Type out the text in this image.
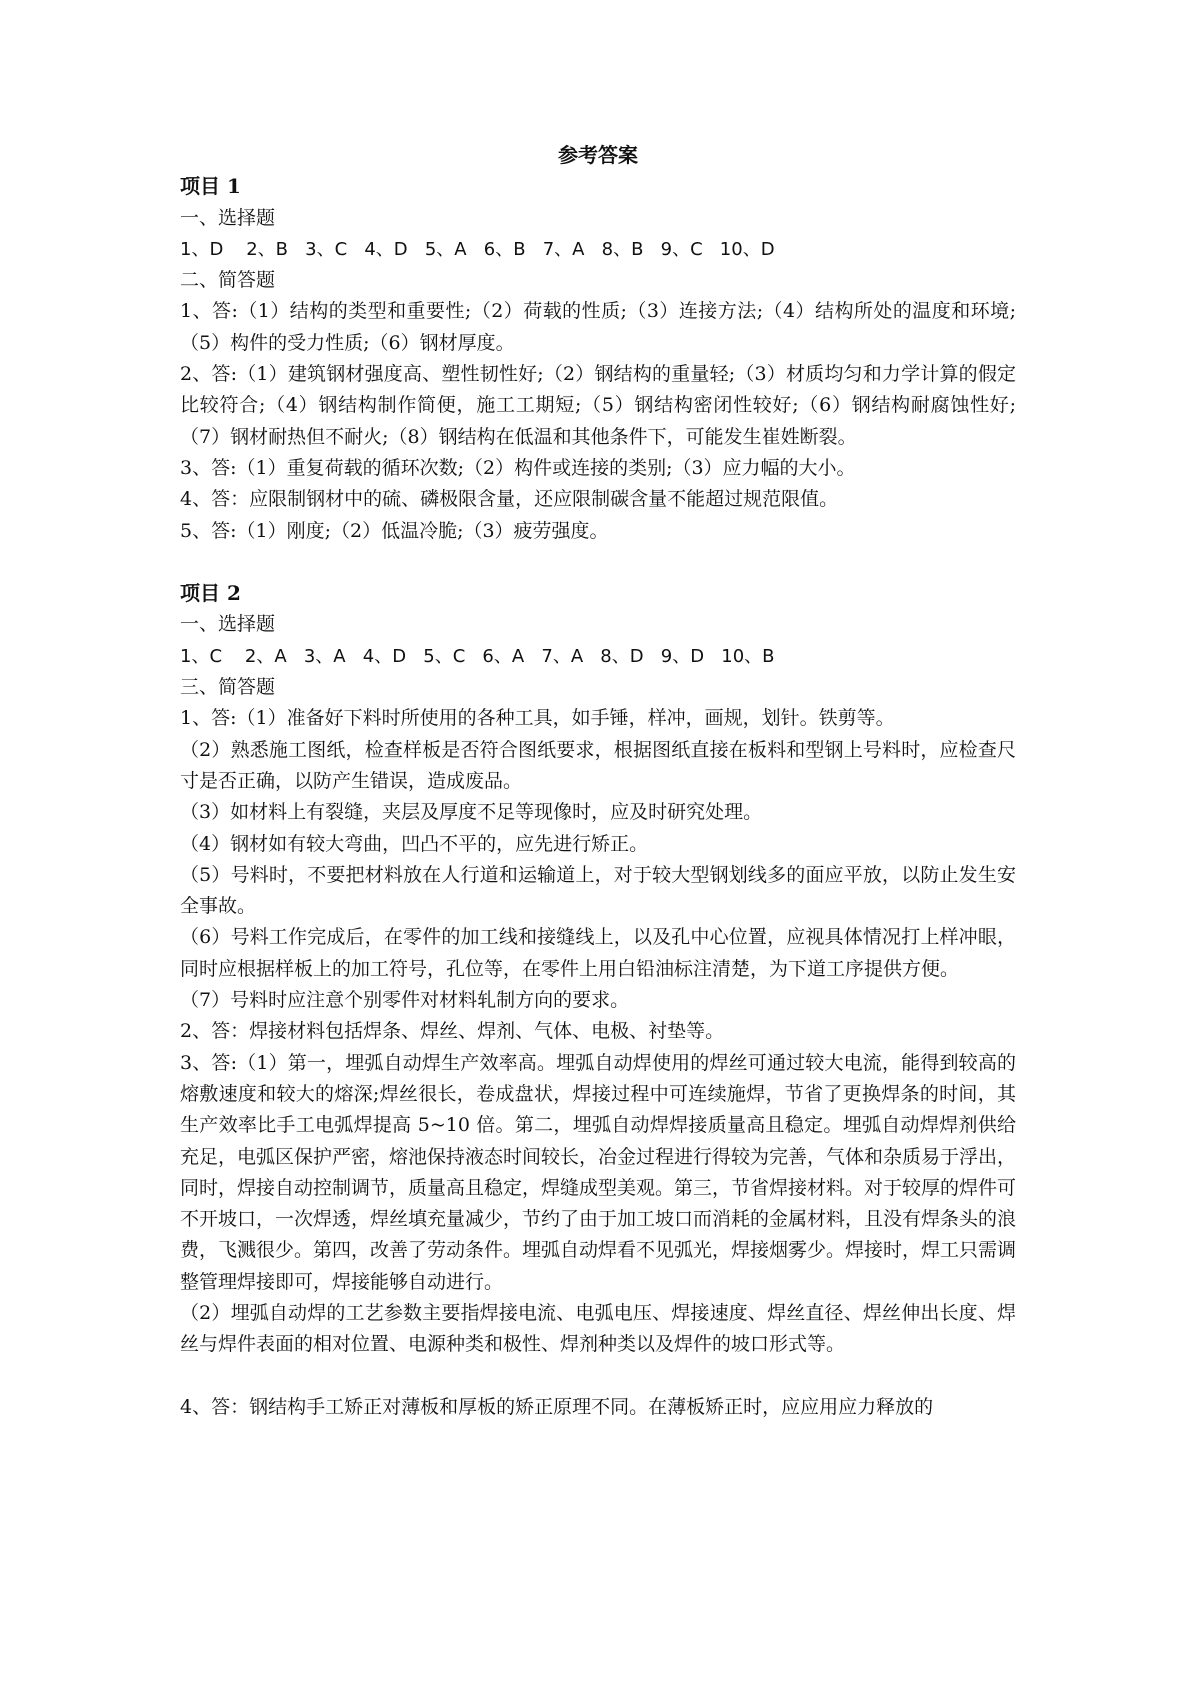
参考答案
项目 1

一、选择题

1、D    2、B   3、C   4、D   5、A   6、B   7、A   8、B   9、C   10、D

二、简答题

1、答:（1）结构的类型和重要性;（2）荷载的性质;（3）连接方法;（4）结构所处的温度和环境;（5）构件的受力性质;（6）钢材厚度。

2、答:（1）建筑钢材强度高、塑性韧性好;（2）钢结构的重量轻;（3）材质均匀和力学计算的假定比较符合;（4）钢结构制作简便，施工工期短;（5）钢结构密闭性较好;（6）钢结构耐腐蚀性好;（7）钢材耐热但不耐火;（8）钢结构在低温和其他条件下，可能发生崔姓断裂。

3、答:（1）重复荷载的循环次数;（2）构件或连接的类别;（3）应力幅的大小。

4、答：应限制钢材中的硫、磷极限含量，还应限制碳含量不能超过规范限值。

5、答:（1）刚度;（2）低温冷脆;（3）疲劳强度。

项目 2

一、选择题

1、C    2、A   3、A   4、D   5、C   6、A   7、A   8、D   9、D   10、B

三、简答题

1、答:（1）准备好下料时所使用的各种工具，如手锤，样冲，画规，划针。铁剪等。

（2）熟悉施工图纸，检查样板是否符合图纸要求，根据图纸直接在板料和型钢上号料时，应检查尺寸是否正确，以防产生错误，造成废品。

（3）如材料上有裂缝，夹层及厚度不足等现像时，应及时研究处理。

（4）钢材如有较大弯曲，凹凸不平的，应先进行矫正。

（5）号料时，不要把材料放在人行道和运输道上，对于较大型钢划线多的面应平放，以防止发生安全事故。

（6）号料工作完成后，在零件的加工线和接缝线上，以及孔中心位置，应视具体情况打上样冲眼，同时应根据样板上的加工符号，孔位等，在零件上用白铅油标注清楚，为下道工序提供方便。

（7）号料时应注意个别零件对材料轧制方向的要求。

2、答：焊接材料包括焊条、焊丝、焊剂、气体、电极、衬垫等。

3、答:（1）第一，埋弧自动焊生产效率高。埋弧自动焊使用的焊丝可通过较大电流，能得到较高的熔敷速度和较大的熔深;焊丝很长，卷成盘状，焊接过程中可连续施焊，节省了更换焊条的时间，其生产效率比手工电弧焊提高 5~10 倍。第二，埋弧自动焊焊接质量高且稳定。埋弧自动焊焊剂供给充足，电弧区保护严密，熔池保持液态时间较长，冶金过程进行得较为完善，气体和杂质易于浮出，同时，焊接自动控制调节，质量高且稳定，焊缝成型美观。第三，节省焊接材料。对于较厚的焊件可不开坡口，一次焊透，焊丝填充量减少，节约了由于加工坡口而消耗的金属材料，且没有焊条头的浪费，飞溅很少。第四，改善了劳动条件。埋弧自动焊看不见弧光，焊接烟雾少。焊接时，焊工只需调整管理焊接即可，焊接能够自动进行。

（2）埋弧自动焊的工艺参数主要指焊接电流、电弧电压、焊接速度、焊丝直径、焊丝伸出长度、焊丝与焊件表面的相对位置、电源种类和极性、焊剂种类以及焊件的坡口形式等。

4、答：钢结构手工矫正对薄板和厚板的矫正原理不同。在薄板矫正时，应应用应力释放的
